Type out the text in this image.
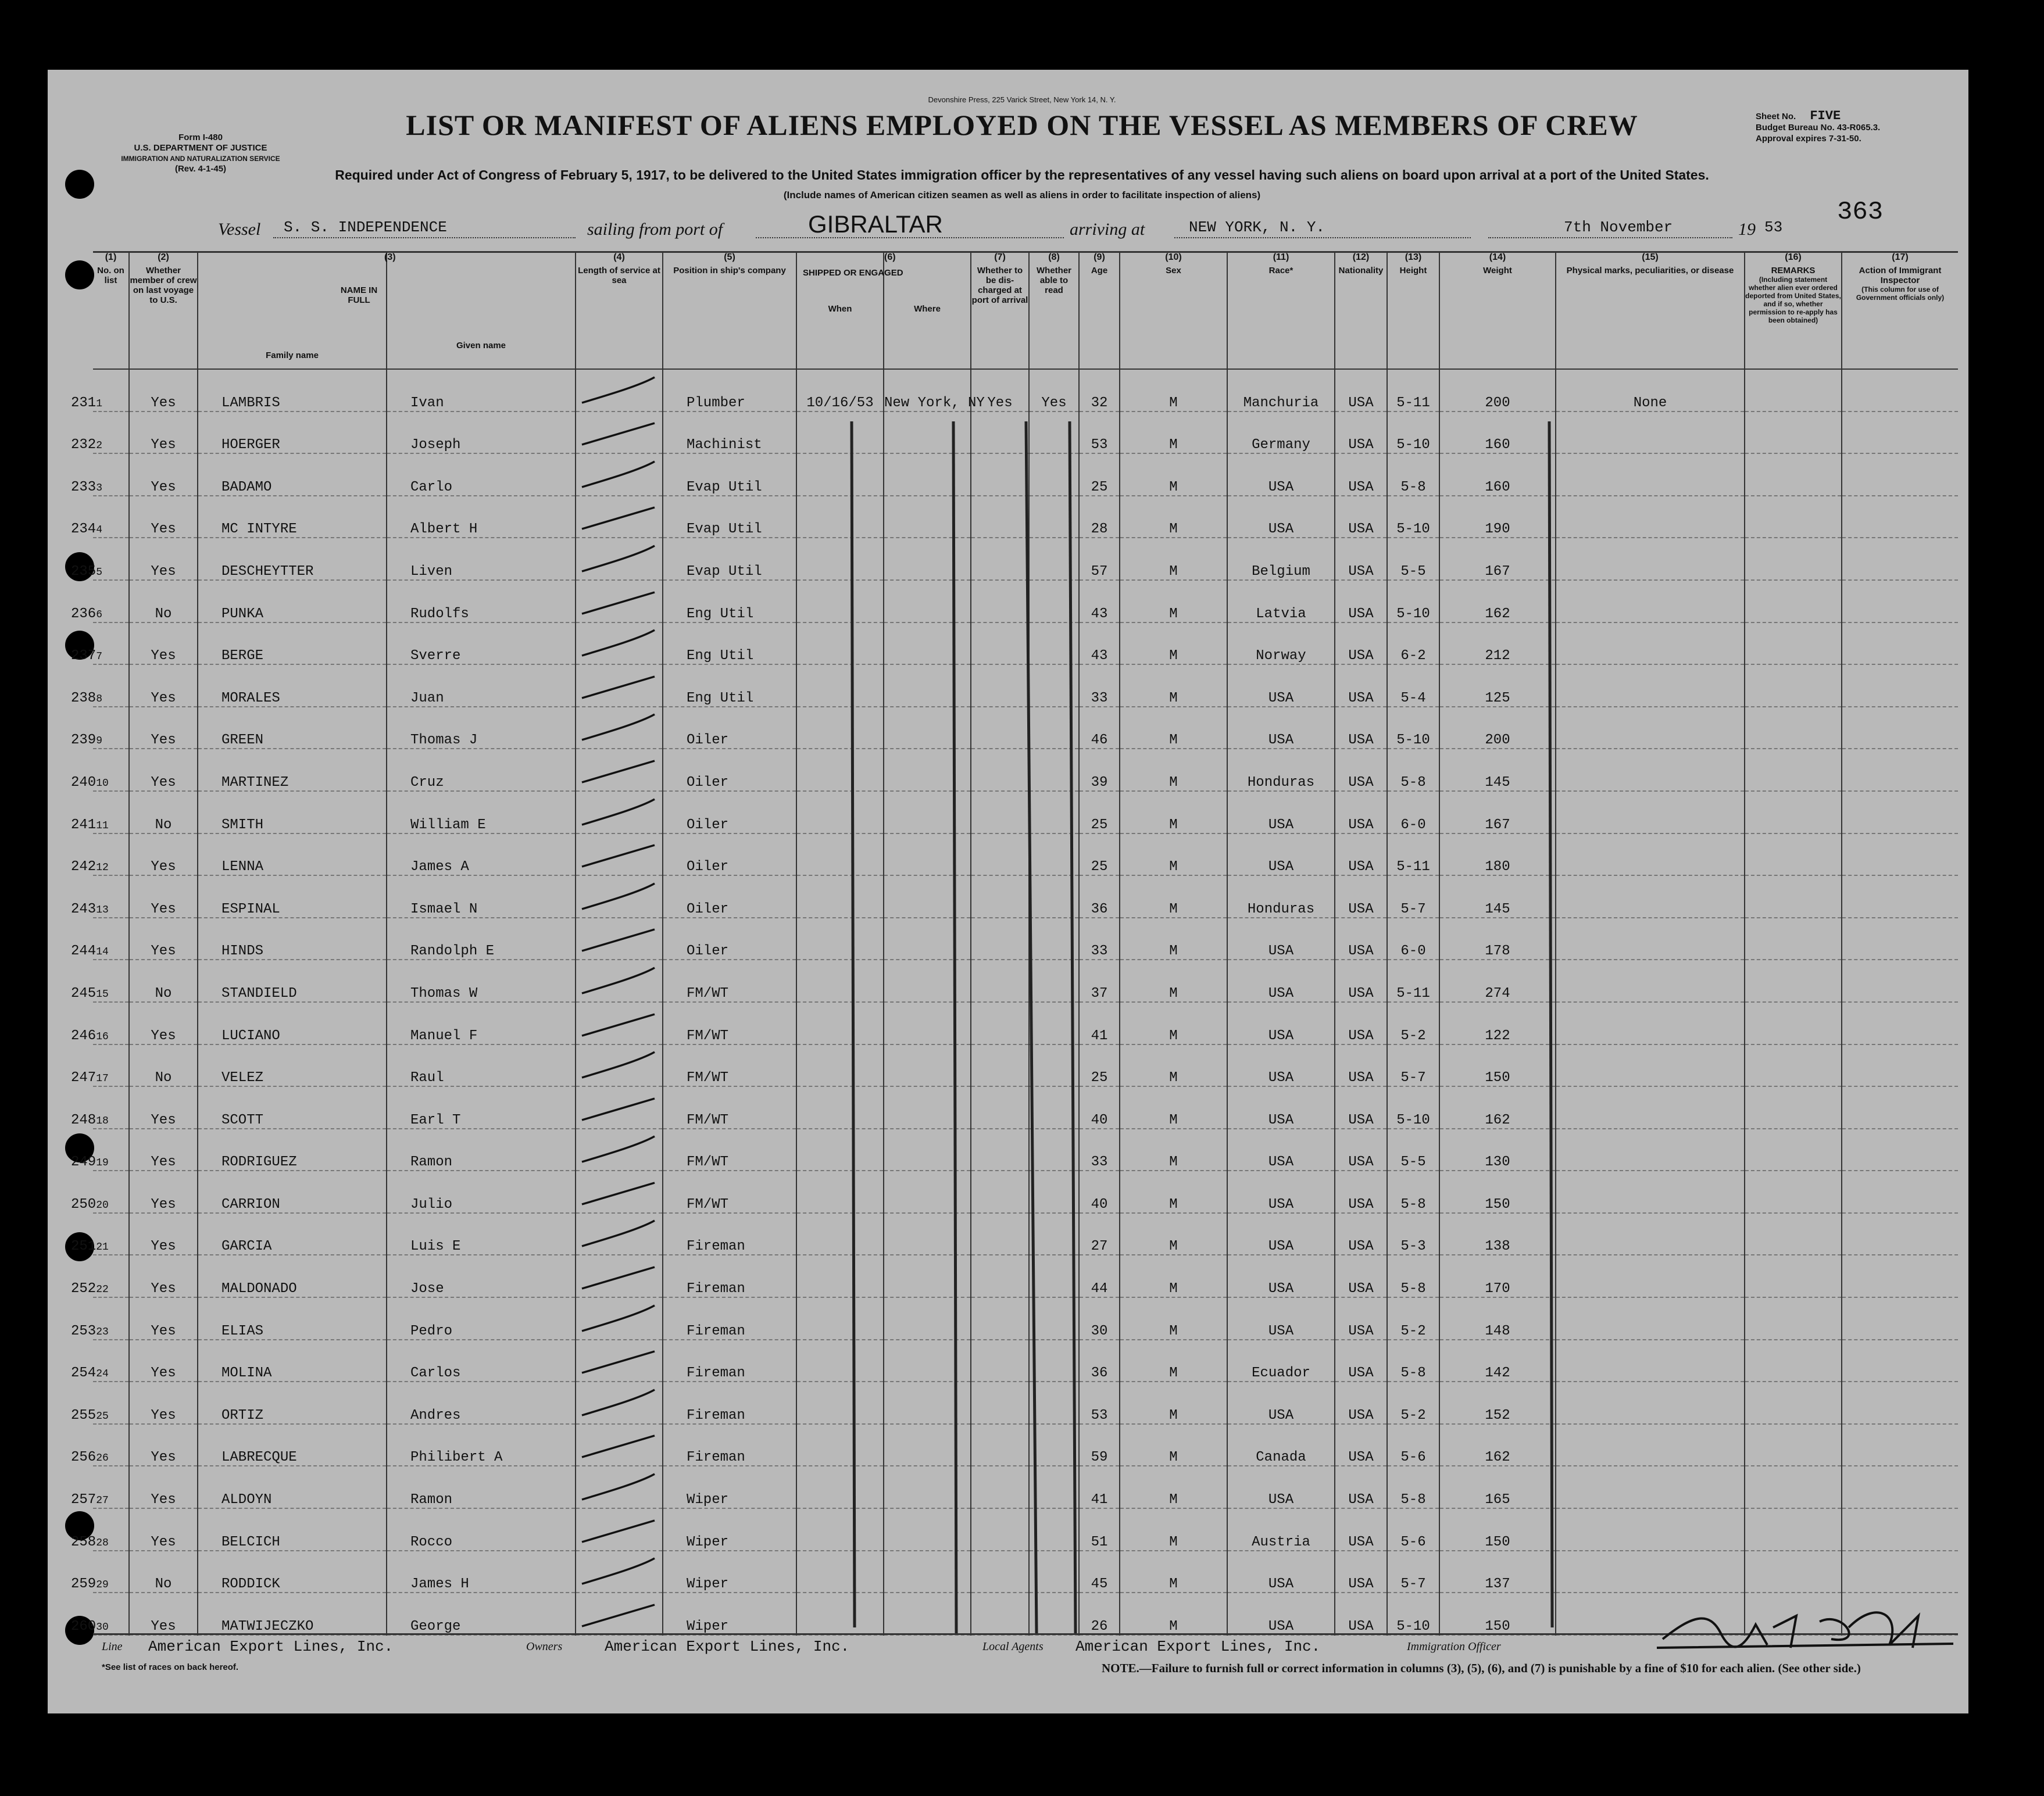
Form I-480
U.S. DEPARTMENT OF JUSTICE
IMMIGRATION AND NATURALIZATION SERVICE
(Rev. 4-1-45)
Devonshire Press, 225 Varick Street, New York 14, N. Y.
LIST OR MANIFEST OF ALIENS EMPLOYED ON THE VESSEL AS MEMBERS OF CREW	Sheet No. FIVE
Budget Bureau No. 43-R065.3.
Approval expires 7-31-50.
Required under Act of Congress of February 5, 1917, to be delivered to the United States immigration officer by the representatives of any vessel having such aliens on board upon arrival at a port of the United States.
(Include names of American citizen seamen as well as aliens in order to facilitate inspection of aliens)
363
Vessel S. S. INDEPENDENCE	sailing from port of	GIBRALTAR	arriving at	NEW YORK, N. Y.	7th November	19 53
(1)
No. on list	(2)
Whether member of crew on last voyage to U.S.	(3)
NAME IN FULL
Family name	Given name	(4)
Length of service at sea	(5)
Position in ship's company	(6)
SHIPPED OR ENGAGED
When	Where	(7)
Whether to be dis-charged at port of arrival	(8)
Whether able to read	(9)
Age	(10)
Sex	(11)
Race*	(12)
Nationality	(13)
Height	(14)
Weight	(15)
Physical marks, peculiarities, or disease	(16)
REMARKS
(Including statement whether alien ever ordered deported from United States, and if so, whether permission to re-apply has been obtained)	(17)
Action of Immigrant Inspector
(This column for use of Government officials only)

2311	Yes	LAMBRIS	Ivan		Plumber	10/16/53	New York, NY	Yes	Yes	32	M	Manchuria	USA	5-11	200	None		
2322	Yes	HOERGER	Joseph		Machinist					53	M	Germany	USA	5-10	160			
2333	Yes	BADAMO	Carlo		Evap Util					25	M	USA	USA	5-8	160			
2344	Yes	MC INTYRE	Albert H		Evap Util					28	M	USA	USA	5-10	190			
2355	Yes	DESCHEYTTER	Liven		Evap Util					57	M	Belgium	USA	5-5	167			
2366	No	PUNKA	Rudolfs		Eng Util					43	M	Latvia	USA	5-10	162			
2377	Yes	BERGE	Sverre		Eng Util					43	M	Norway	USA	6-2	212			
2388	Yes	MORALES	Juan		Eng Util					33	M	USA	USA	5-4	125			
2399	Yes	GREEN	Thomas J		Oiler					46	M	USA	USA	5-10	200			
24010	Yes	MARTINEZ	Cruz		Oiler					39	M	Honduras	USA	5-8	145			
24111	No	SMITH	William E		Oiler					25	M	USA	USA	6-0	167			
24212	Yes	LENNA	James A		Oiler					25	M	USA	USA	5-11	180			
24313	Yes	ESPINAL	Ismael N		Oiler					36	M	Honduras	USA	5-7	145			
24414	Yes	HINDS	Randolph E		Oiler					33	M	USA	USA	6-0	178			
24515	No	STANDIELD	Thomas W		FM/WT					37	M	USA	USA	5-11	274			
24616	Yes	LUCIANO	Manuel F		FM/WT					41	M	USA	USA	5-2	122			
24717	No	VELEZ	Raul		FM/WT					25	M	USA	USA	5-7	150			
24818	Yes	SCOTT	Earl T		FM/WT					40	M	USA	USA	5-10	162			
24919	Yes	RODRIGUEZ	Ramon		FM/WT					33	M	USA	USA	5-5	130			
25020	Yes	CARRION	Julio		FM/WT					40	M	USA	USA	5-8	150			
25121	Yes	GARCIA	Luis E		Fireman					27	M	USA	USA	5-3	138			
25222	Yes	MALDONADO	Jose		Fireman					44	M	USA	USA	5-8	170			
25323	Yes	ELIAS	Pedro		Fireman					30	M	USA	USA	5-2	148			
25424	Yes	MOLINA	Carlos		Fireman					36	M	Ecuador	USA	5-8	142			
25525	Yes	ORTIZ	Andres		Fireman					53	M	USA	USA	5-2	152			
25626	Yes	LABRECQUE	Philibert A		Fireman					59	M	Canada	USA	5-6	162			
25727	Yes	ALDOYN	Ramon		Wiper					41	M	USA	USA	5-8	165			
25828	Yes	BELCICH	Rocco		Wiper					51	M	Austria	USA	5-6	150			
25929	No	RODDICK	James H		Wiper					45	M	USA	USA	5-7	137			
26030	Yes	MATWIJECZKO	George		Wiper					26	M	USA	USA	5-10	150			
Line American Export Lines, Inc.	Owners	American Export Lines, Inc.	Local Agents American Export Lines, Inc.	Immigration Officer
*See list of races on back hereof.	NOTE.—Failure to furnish full or correct information in columns (3), (5), (6), and (7) is punishable by a fine of $10 for each alien. (See other side.)
